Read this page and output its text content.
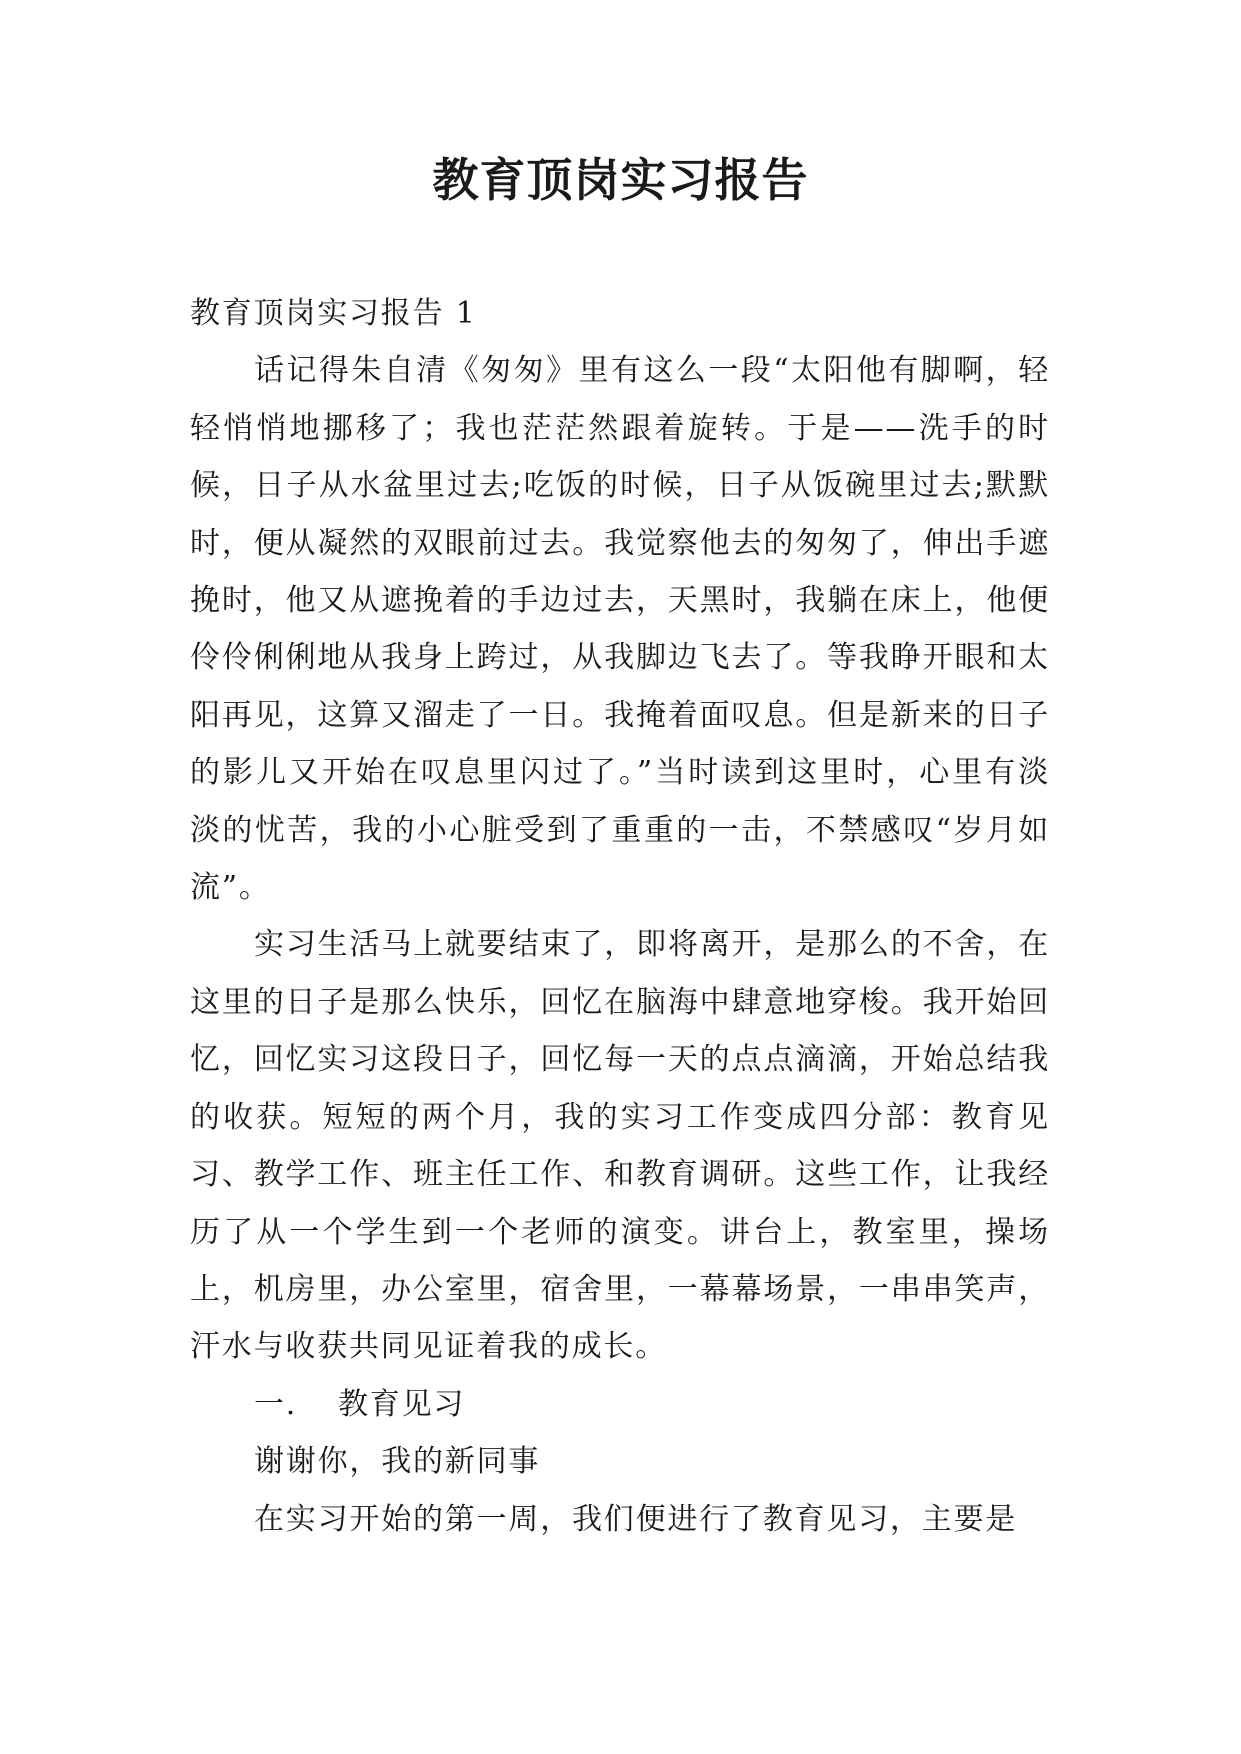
教育顶岗实习报告

教育顶岗实习报告 1

话记得朱自清《匆匆》里有这么一段“太阳他有脚啊，轻轻悄悄地挪移了；我也茫茫然跟着旋转。于是——洗手的时候，日子从水盆里过去;吃饭的时候，日子从饭碗里过去;默默时，便从凝然的双眼前过去。我觉察他去的匆匆了，伸出手遮挽时，他又从遮挽着的手边过去，天黑时，我躺在床上，他便伶伶俐俐地从我身上跨过，从我脚边飞去了。等我睁开眼和太阳再见，这算又溜走了一日。我掩着面叹息。但是新来的日子的影儿又开始在叹息里闪过了。”当时读到这里时，心里有淡淡的忧苦，我的小心脏受到了重重的一击，不禁感叹“岁月如流”。

实习生活马上就要结束了，即将离开，是那么的不舍，在这里的日子是那么快乐，回忆在脑海中肆意地穿梭。我开始回忆，回忆实习这段日子，回忆每一天的点点滴滴，开始总结我的收获。短短的两个月，我的实习工作变成四分部：教育见习、教学工作、班主任工作、和教育调研。这些工作，让我经历了从一个学生到一个老师的演变。讲台上，教室里，操场上，机房里，办公室里，宿舍里，一幕幕场景，一串串笑声，汗水与收获共同见证着我的成长。

一. 教育见习

谢谢你，我的新同事

在实习开始的第一周，我们便进行了教育见习，主要是
